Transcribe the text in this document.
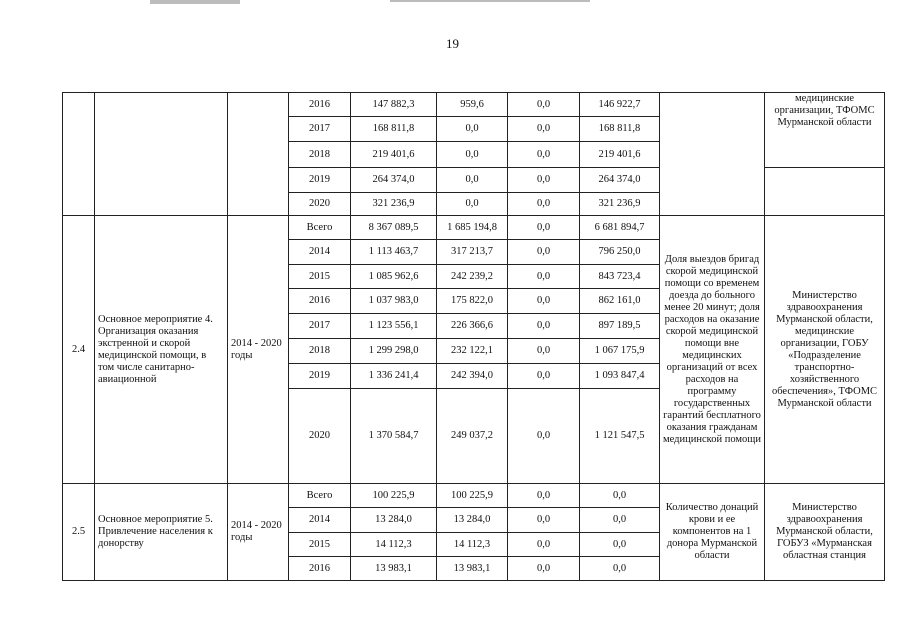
19
			2016	147 882,3	959,6	0,0	146 922,7		медицинские организации, ТФОМС Мурманской области
			2017	168 811,8	0,0	0,0	168 811,8		
			2018	219 401,6	0,0	0,0	219 401,6		
			2019	264 374,0	0,0	0,0	264 374,0		
			2020	321 236,9	0,0	0,0	321 236,9		
2.4	Основное мероприятие 4. Организация оказания экстренной и скорой медицинской помощи, в том числе санитарно-авиационной	2014 - 2020 годы	Всего	8 367 089,5	1 685 194,8	0,0	6 681 894,7	Доля выездов бригад скорой медицинской помощи со временем доезда до больного менее 20 минут; доля расходов на оказание скорой медицинской помощи вне медицинских организаций от всех расходов на программу государственных гарантий бесплатного оказания гражданам медицинской помощи	Министерство здравоохранения Мурманской области, медицинские организации, ГОБУ «Подразделение транспортно-хозяйственного обеспечения», ТФОМС Мурманской области
			2014	1 113 463,7	317 213,7	0,0	796 250,0		
			2015	1 085 962,6	242 239,2	0,0	843 723,4		
			2016	1 037 983,0	175 822,0	0,0	862 161,0		
			2017	1 123 556,1	226 366,6	0,0	897 189,5		
			2018	1 299 298,0	232 122,1	0,0	1 067 175,9		
			2019	1 336 241,4	242 394,0	0,0	1 093 847,4		
			2020	1 370 584,7	249 037,2	0,0	1 121 547,5		
2.5	Основное мероприятие 5. Привлечение населения к донорству	2014 - 2020 годы	Всего	100 225,9	100 225,9	0,0	0,0	Количество донаций крови и ее компонентов на 1 донора Мурманской области	Министерство здравоохранения Мурманской области, ГОБУЗ «Мурманская областная станция
			2014	13 284,0	13 284,0	0,0	0,0		
			2015	14 112,3	14 112,3	0,0	0,0		
			2016	13 983,1	13 983,1	0,0	0,0		
